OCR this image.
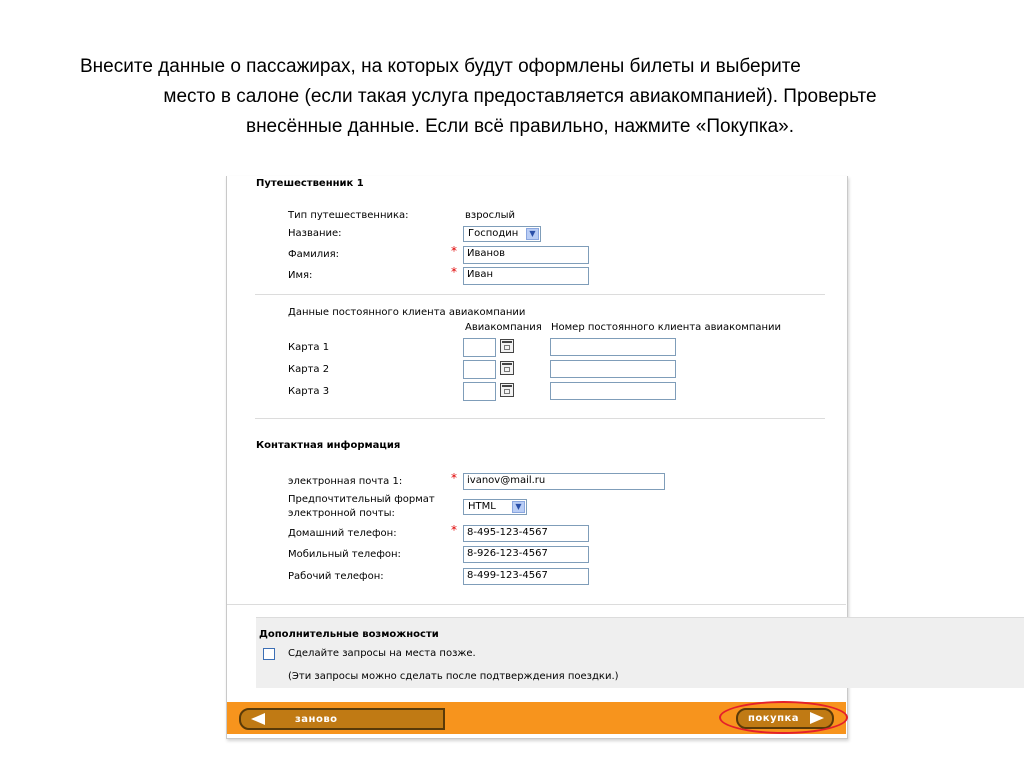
Внесите данные о пассажирах, на которых будут оформлены билеты и выберите
место в салоне (если такая услуга предоставляется авиакомпанией). Проверьте
внесённые данные. Если всё правильно, нажмите «Покупка».
Путешественник 1
Тип путешественника:	взрослый
Название:	Господин	▼
Фамилия:	*	Иванов
Имя:	*	Иван
Данные постоянного клиента авиакомпании
Авиакомпания Номер постоянного клиента авиакомпании
Карта 1
Карта 2
Карта 3
Контактная информация
электронная почта 1:	*	ivanov@mail.ru
Предпочтительный формат
электронной почты:
HTML	▼
Домашний телефон:	*	8-495-123-4567
Мобильный телефон:	8-926-123-4567
Рабочий телефон:	8-499-123-4567
Дополнительные возможности
Сделайте запросы на места позже.
(Эти запросы можно сделать после подтверждения поездки.)
заново	покупка
